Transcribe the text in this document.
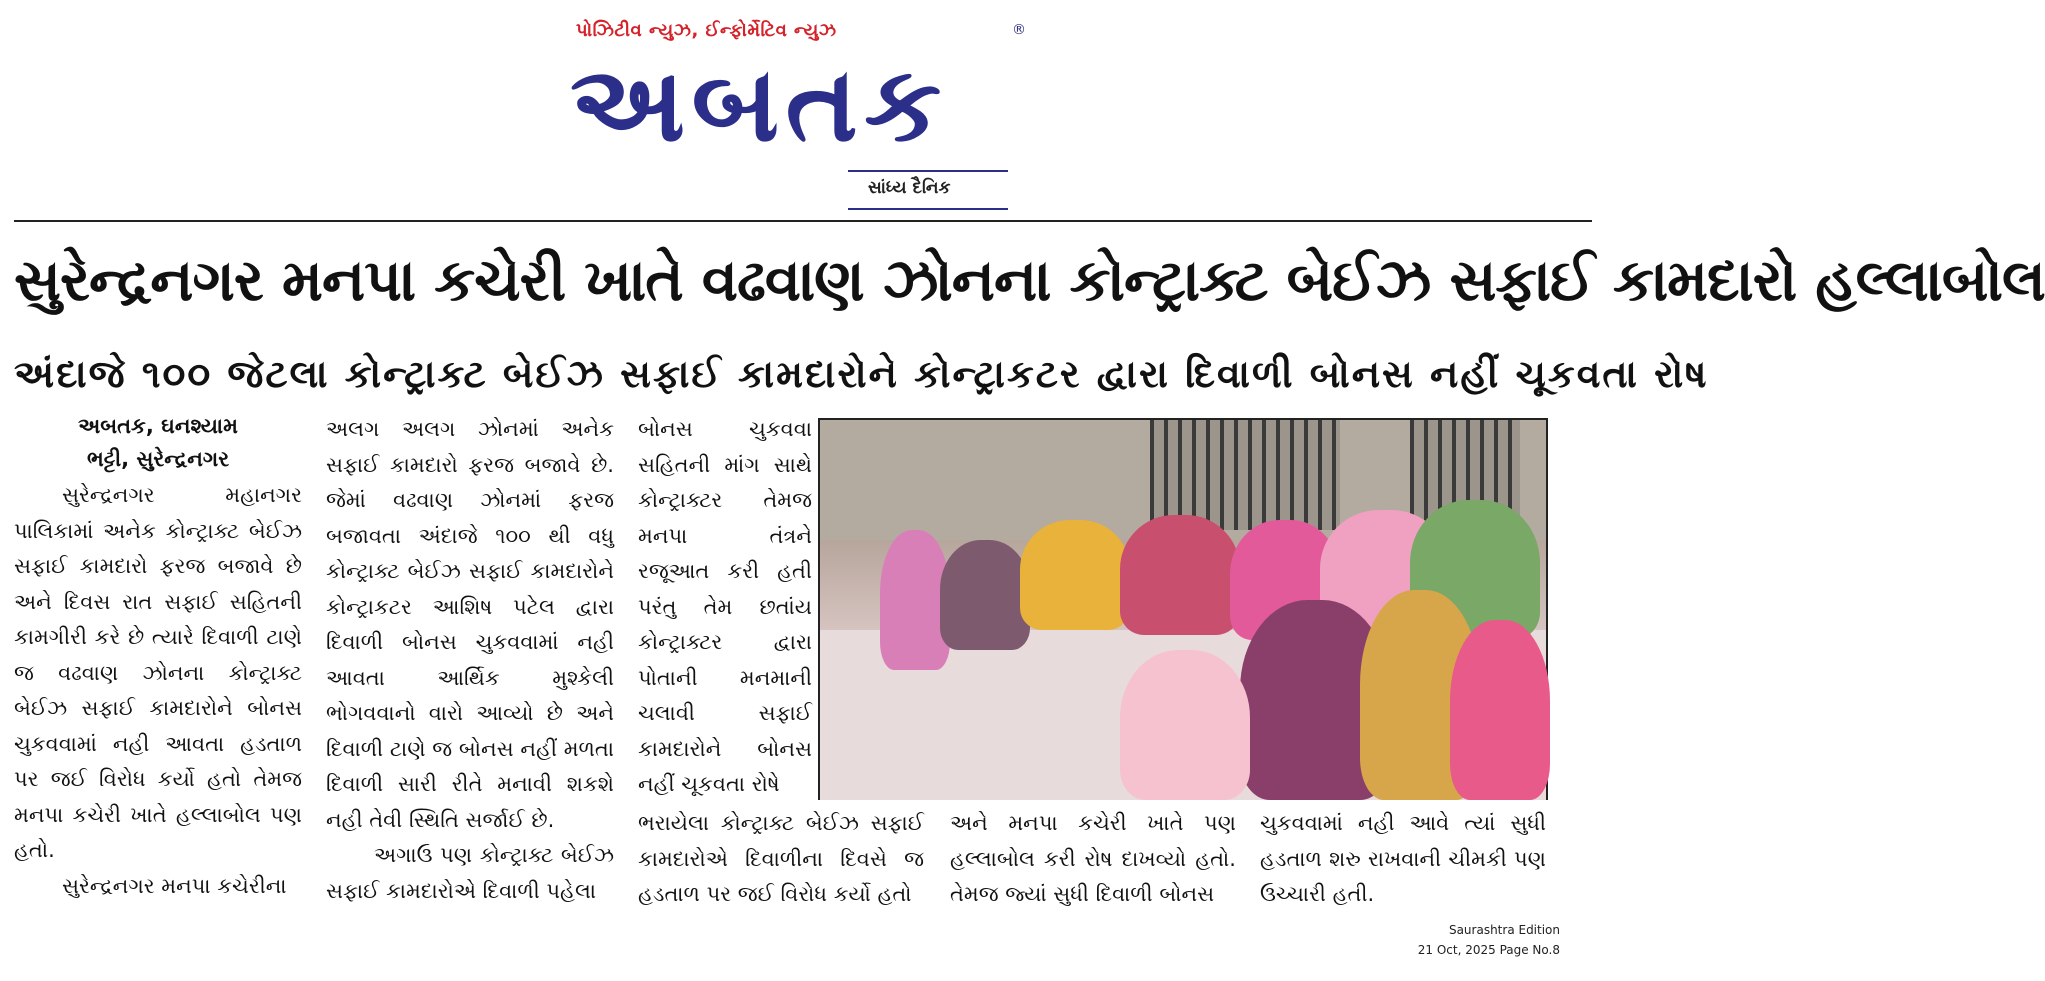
પોઝિટીવ ન્યુઝ, ઈન્ફોર્મેટિવ ન્યુઝ	®
અબતક
સાંધ્ય દૈનિક
સુરેન્દ્રનગર મનપા કચેરી ખાતે વઢવાણ ઝોનના કોન્ટ્રાક્ટ બેઈઝ સફાઈ કામદારો હલ્લાબોલ
અંદાજે ૧૦૦ જેટલા કોન્ટ્રાક્ટ બેઈઝ સફાઈ કામદારોને કોન્ટ્રાકટર દ્વારા દિવાળી બોનસ નહીં ચૂકવતા રોષ
અબતક, ઘનશ્યામ
ભટ્ટી, સુરેન્દ્રનગર

સુરેન્દ્રનગર મહાનગર પાલિકામાં અનેક કોન્ટ્રાક્ટ બેઈઝ સફાઈ કામદારો ફરજ બજાવે છે અને દિવસ રાત સફાઈ સહિતની કામગીરી કરે છે ત્યારે દિવાળી ટાણે જ વઢવાણ ઝોનના કોન્ટ્રાક્ટ બેઈઝ સફાઈ કામદારોને બોનસ ચુકવવામાં નહી આવતા હડતાળ પર જઈ વિરોધ કર્યો હતો તેમજ મનપા કચેરી ખાતે હલ્લાબોલ પણ હતો.

સુરેન્દ્રનગર મનપા કચેરીના

અલગ અલગ ઝોનમાં અનેક સફાઈ કામદારો ફરજ બજાવે છે. જેમાં વઢવાણ ઝોનમાં ફરજ બજાવતા અંદાજે ૧૦૦ થી વધુ કોન્ટ્રાક્ટ બેઈઝ સફાઈ કામદારોને કોન્ટ્રાકટર આશિષ પટેલ દ્વારા દિવાળી બોનસ ચુકવવામાં નહી આવતા આર્થિક મુશ્કેલી ભોગવવાનો વારો આવ્યો છે અને દિવાળી ટાણે જ બોનસ નહીં મળતા દિવાળી સારી રીતે મનાવી શકશે નહી તેવી સ્થિતિ સર્જાઈ છે.

અગાઉ પણ કોન્ટ્રાક્ટ બેઈઝ સફાઈ કામદારોએ દિવાળી પહેલા

બોનસ ચુકવવા સહિતની માંગ સાથે કોન્ટ્રાક્ટર તેમજ મનપા તંત્રને રજૂઆત કરી હતી પરંતુ તેમ છતાંય કોન્ટ્રાક્ટર દ્વારા પોતાની મનમાની ચલાવી સફાઈ કામદારોને બોનસ નહીં ચૂકવતા રોષે

ભરાયેલા કોન્ટ્રાક્ટ બેઈઝ સફાઈ કામદારોએ દિવાળીના દિવસે જ હડતાળ પર જઈ વિરોધ કર્યો હતો

અને મનપા કચેરી ખાતે પણ હલ્લાબોલ કરી રોષ દાખવ્યો હતો. તેમજ જ્યાં સુધી દિવાળી બોનસ

ચુકવવામાં નહી આવે ત્યાં સુધી હડતાળ શરુ રાખવાની ચીમકી પણ ઉચ્ચારી હતી.

Saurashtra Edition
21 Oct, 2025 Page No.8
